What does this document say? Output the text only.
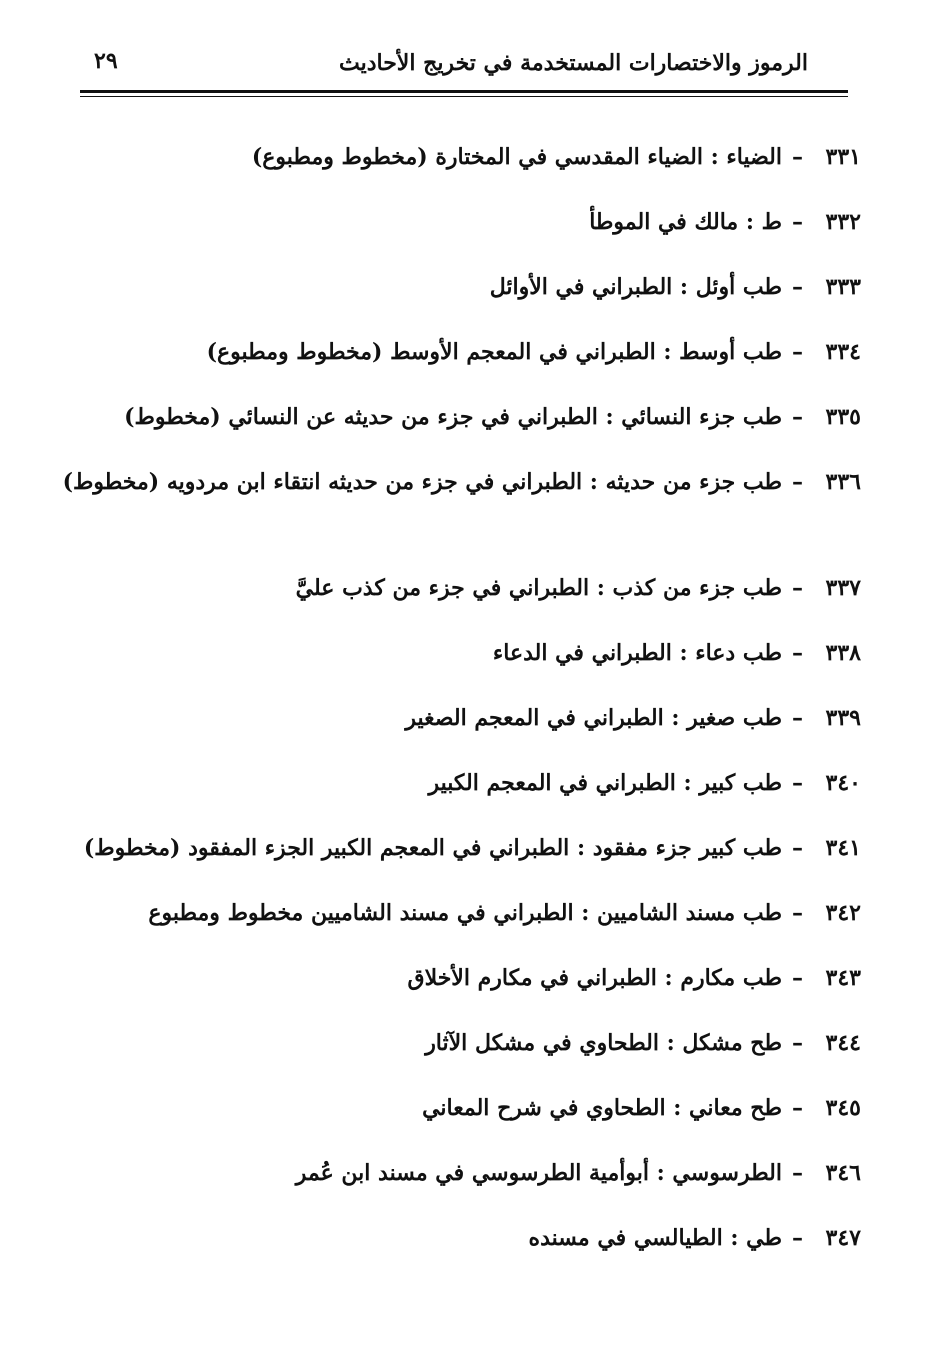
الرموز والاختصارات المستخدمة في تخريج الأحاديث
٢٩
٣٣١–الضياء : الضياء المقدسي في المختارة (مخطوط ومطبوع)
٣٣٢–ط : مالك في الموطأ
٣٣٣–طب أوئل : الطبراني في الأوائل
٣٣٤–طب أوسط : الطبراني في المعجم الأوسط (مخطوط ومطبوع)
٣٣٥–طب جزء النسائي : الطبراني في جزء من حديثه عن النسائي (مخطوط)
٣٣٦–طب جزء من حديثه : الطبراني في جزء من حديثه انتقاء ابن مردويه (مخطوط)
٣٣٧–طب جزء من كذب : الطبراني في جزء من كذب عليَّ
٣٣٨–طب دعاء : الطبراني في الدعاء
٣٣٩–طب صغير : الطبراني في المعجم الصغير
٣٤٠–طب كبير : الطبراني في المعجم الكبير
٣٤١–طب كبير جزء مفقود : الطبراني في المعجم الكبير الجزء المفقود (مخطوط)
٣٤٢–طب مسند الشاميين : الطبراني في مسند الشاميين مخطوط ومطبوع
٣٤٣–طب مكارم : الطبراني في مكارم الأخلاق
٣٤٤–طح مشكل : الطحاوي في مشكل الآثار
٣٤٥–طح معاني : الطحاوي في شرح المعاني
٣٤٦–الطرسوسي : أبوأمية الطرسوسي في مسند ابن عُمر
٣٤٧–طي : الطيالسي في مسنده
